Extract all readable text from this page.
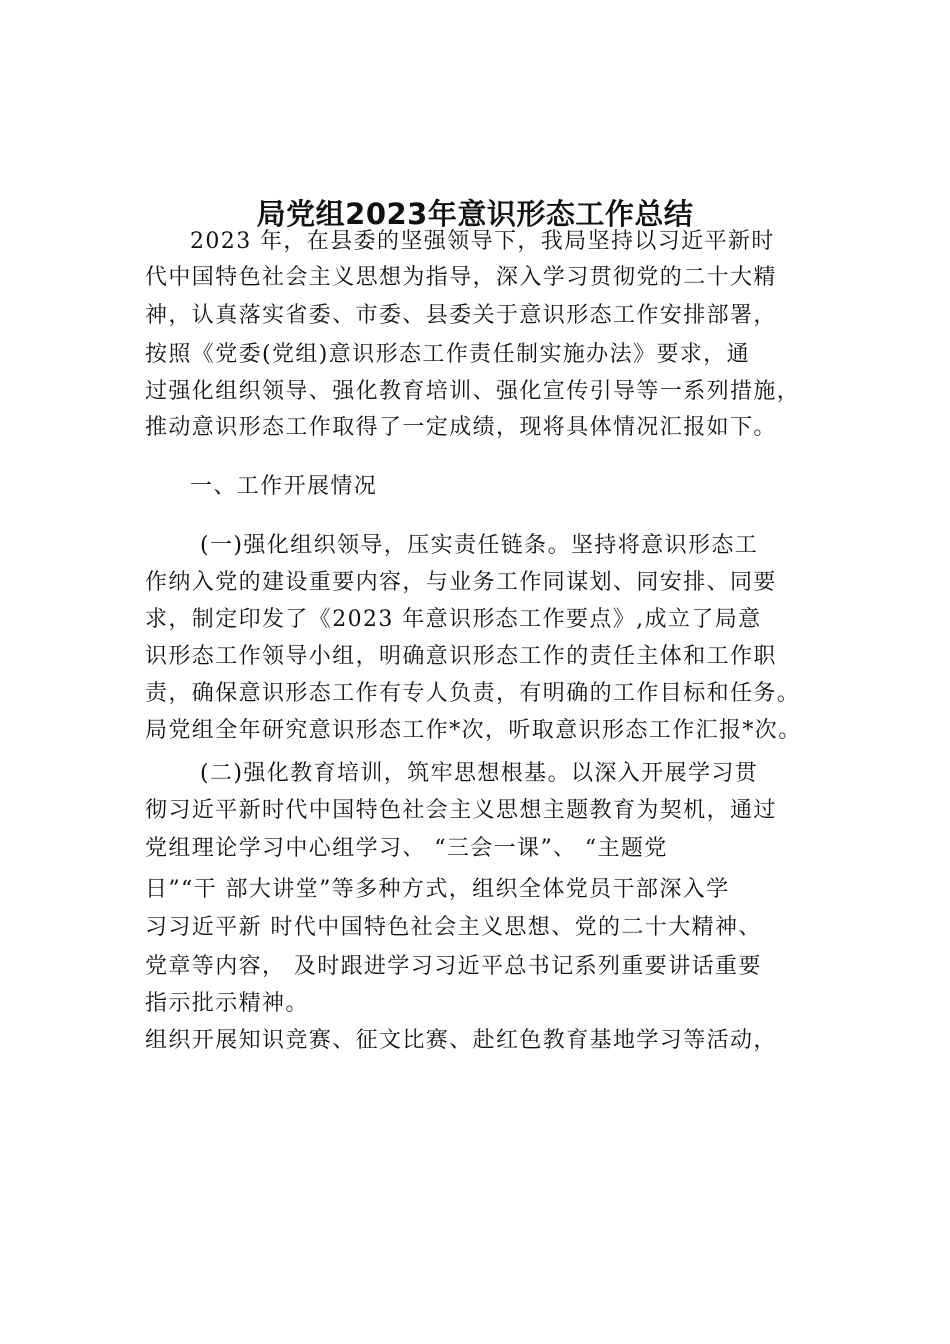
局党组2023年意识形态工作总结
2023 年，在县委的坚强领导下，我局坚持以习近平新时
代中国特色社会主义思想为指导，深入学习贯彻党的二十大精
神，认真落实省委、市委、县委关于意识形态工作安排部署，
按照《党委(党组)意识形态工作责任制实施办法》要求，通
过强化组织领导、强化教育培训、强化宣传引导等一系列措施，
推动意识形态工作取得了一定成绩，现将具体情况汇报如下。
一、工作开展情况
(一)强化组织领导，压实责任链条。坚持将意识形态工
作纳入党的建设重要内容，与业务工作同谋划、同安排、同要
求，制定印发了《2023 年意识形态工作要点》,成立了局意
识形态工作领导小组，明确意识形态工作的责任主体和工作职
责，确保意识形态工作有专人负责，有明确的工作目标和任务。
局党组全年研究意识形态工作*次，听取意识形态工作汇报*次。
(二)强化教育培训，筑牢思想根基。以深入开展学习贯
彻习近平新时代中国特色社会主义思想主题教育为契机，通过
党组理论学习中心组学习、 “三会一课”、 “主题党
日”“干 部大讲堂”等多种方式，组织全体党员干部深入学
习习近平新 时代中国特色社会主义思想、党的二十大精神、
党章等内容， 及时跟进学习习近平总书记系列重要讲话重要
指示批示精神。
组织开展知识竞赛、征文比赛、赴红色教育基地学习等活动，
